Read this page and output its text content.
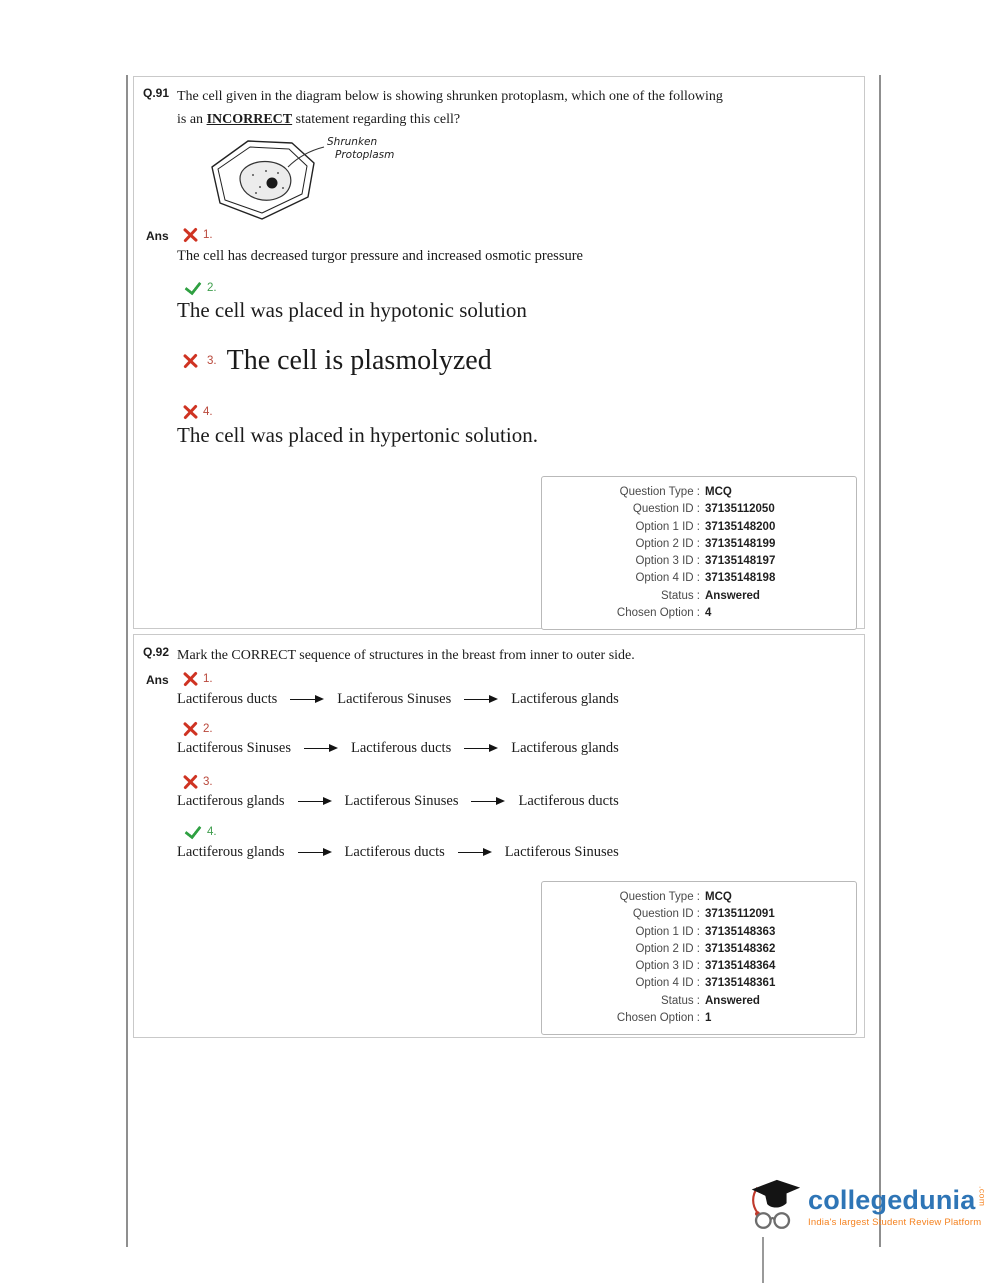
Q.91 The cell given in the diagram below is showing shrunken protoplasm, which one of the following is an INCORRECT statement regarding this cell?
Shrunken
Protoplasm
Ans	1.
The cell has decreased turgor pressure and increased osmotic pressure
2.
The cell was placed in hypotonic solution
3. The cell is plasmolyzed
4.
The cell was placed in hypertonic solution.
Question Type : MCQ
Question ID : 37135112050
Option 1 ID : 37135148200
Option 2 ID : 37135148199
Option 3 ID : 37135148197
Option 4 ID : 37135148198
Status : Answered
Chosen Option : 4
Q.92 Mark the CORRECT sequence of structures in the breast from inner to outer side.
Ans	1.
Lactiferous ducts	Lactiferous Sinuses	Lactiferous glands
2.
Lactiferous Sinuses	Lactiferous ducts	Lactiferous glands
3.
Lactiferous glands	Lactiferous Sinuses	Lactiferous ducts
4.
Lactiferous glands	Lactiferous ducts	Lactiferous Sinuses
Question Type : MCQ
Question ID : 37135112091
Option 1 ID : 37135148363
Option 2 ID : 37135148362
Option 3 ID : 37135148364
Option 4 ID : 37135148361
Status : Answered
Chosen Option : 1
collegedunia .com
India's largest Student Review Platform
